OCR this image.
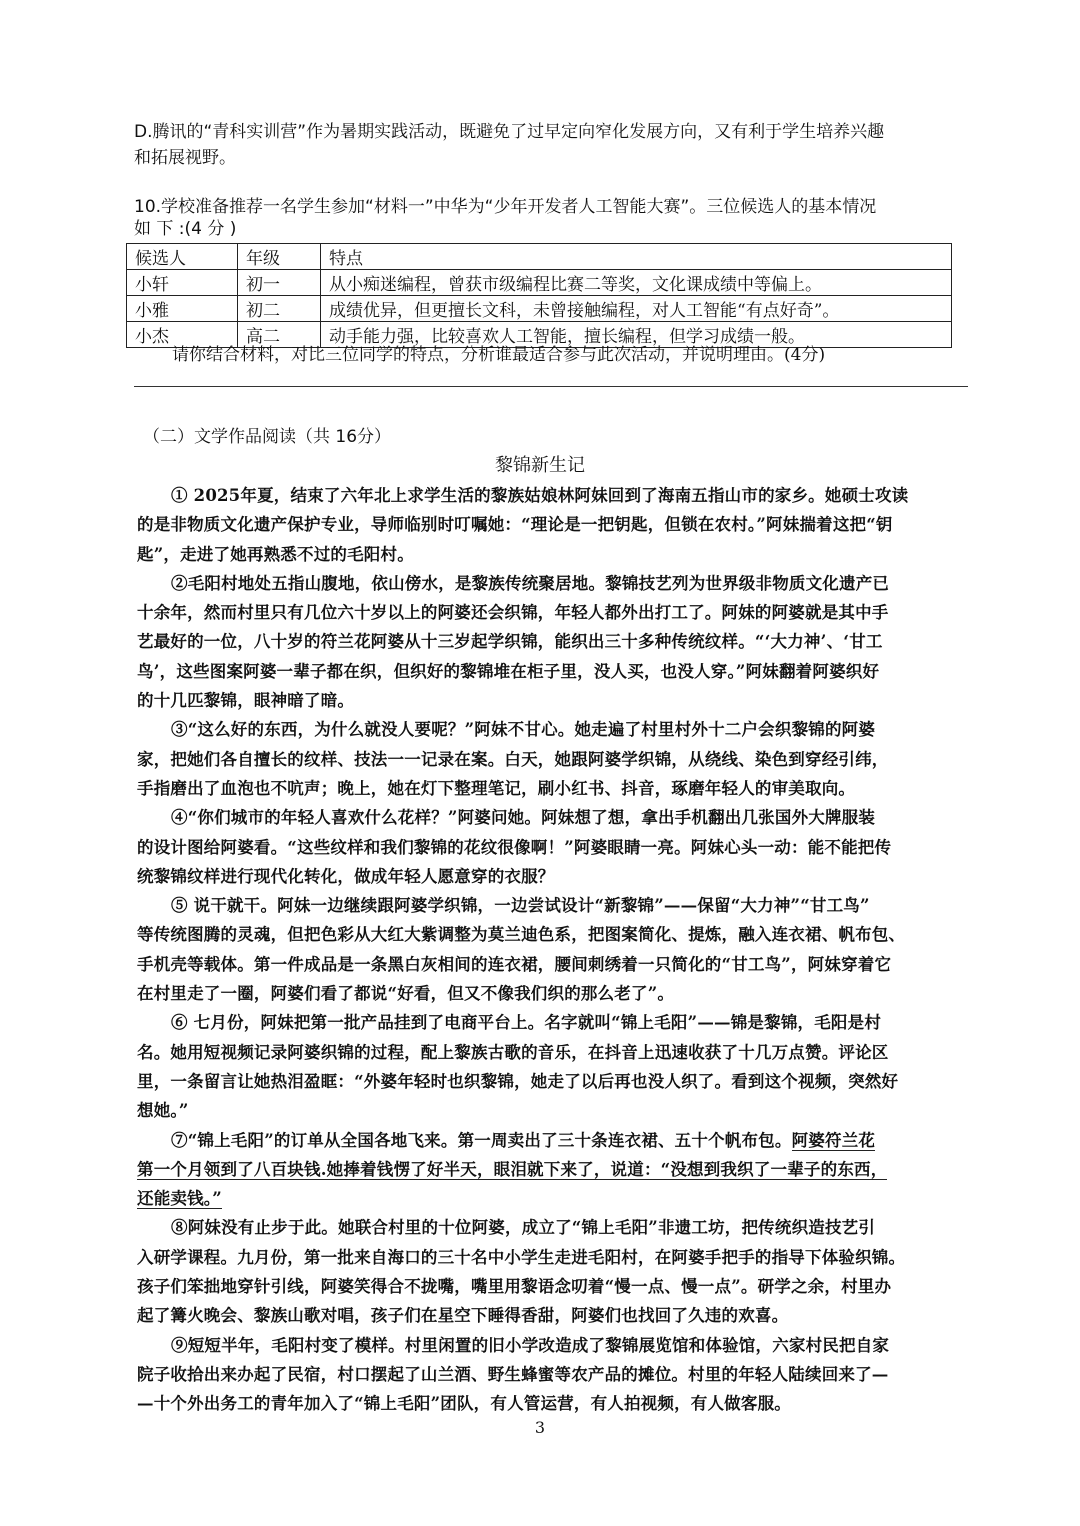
D.腾讯的“青科实训营”作为暑期实践活动，既避免了过早定向窄化发展方向，又有利于学生培养兴趣
和拓展视野。
10.学校准备推荐一名学生参加“材料一”中华为“少年开发者人工智能大赛”。三位候选人的基本情况
如 下 :(4 分 )
候选人	年级	特点
小轩	初一	从小痴迷编程，曾获市级编程比赛二等奖，文化课成绩中等偏上。
小雅	初二	成绩优异，但更擅长文科，未曾接触编程，对人工智能“有点好奇”。
小杰	高二	动手能力强，比较喜欢人工智能，擅长编程，但学习成绩一般。
请你结合材料，对比三位同学的特点，分析谁最适合参与此次活动，并说明理由。(4分)
（二）文学作品阅读（共 16分）
黎锦新生记
① 2025年夏，结束了六年北上求学生活的黎族姑娘林阿妹回到了海南五指山市的家乡。她硕士攻读
的是非物质文化遗产保护专业，导师临别时叮嘱她：“理论是一把钥匙，但锁在农村。”阿妹揣着这把“钥
匙”，走进了她再熟悉不过的毛阳村。
②毛阳村地处五指山腹地，依山傍水，是黎族传统聚居地。黎锦技艺列为世界级非物质文化遗产已
十余年，然而村里只有几位六十岁以上的阿婆还会织锦，年轻人都外出打工了。阿妹的阿婆就是其中手
艺最好的一位，八十岁的符兰花阿婆从十三岁起学织锦，能织出三十多种传统纹样。“‘大力神’、‘甘工
鸟’，这些图案阿婆一辈子都在织，但织好的黎锦堆在柜子里，没人买，也没人穿。”阿妹翻着阿婆织好
的十几匹黎锦，眼神暗了暗。
③“这么好的东西，为什么就没人要呢？”阿妹不甘心。她走遍了村里村外十二户会织黎锦的阿婆
家，把她们各自擅长的纹样、技法一一记录在案。白天，她跟阿婆学织锦，从绕线、染色到穿经引纬，
手指磨出了血泡也不吭声；晚上，她在灯下整理笔记，刷小红书、抖音，琢磨年轻人的审美取向。
④“你们城市的年轻人喜欢什么花样？”阿婆问她。阿妹想了想，拿出手机翻出几张国外大牌服装
的设计图给阿婆看。“这些纹样和我们黎锦的花纹很像啊！”阿婆眼睛一亮。阿妹心头一动：能不能把传
统黎锦纹样进行现代化转化，做成年轻人愿意穿的衣服？
⑤ 说干就干。阿妹一边继续跟阿婆学织锦，一边尝试设计“新黎锦”——保留“大力神”“甘工鸟”
等传统图腾的灵魂，但把色彩从大红大紫调整为莫兰迪色系，把图案简化、提炼，融入连衣裙、帆布包、
手机壳等载体。第一件成品是一条黑白灰相间的连衣裙，腰间刺绣着一只简化的“甘工鸟”，阿妹穿着它
在村里走了一圈，阿婆们看了都说“好看，但又不像我们织的那么老了”。
⑥ 七月份，阿妹把第一批产品挂到了电商平台上。名字就叫“锦上毛阳”——锦是黎锦，毛阳是村
名。她用短视频记录阿婆织锦的过程，配上黎族古歌的音乐，在抖音上迅速收获了十几万点赞。评论区
里，一条留言让她热泪盈眶：“外婆年轻时也织黎锦，她走了以后再也没人织了。看到这个视频，突然好
想她。”
⑦“锦上毛阳”的订单从全国各地飞来。第一周卖出了三十条连衣裙、五十个帆布包。阿婆符兰花
第一个月领到了八百块钱.她捧着钱愣了好半天，眼泪就下来了，说道：“没想到我织了一辈子的东西，
还能卖钱。”
⑧阿妹没有止步于此。她联合村里的十位阿婆，成立了“锦上毛阳”非遗工坊，把传统织造技艺引
入研学课程。九月份，第一批来自海口的三十名中小学生走进毛阳村，在阿婆手把手的指导下体验织锦。
孩子们笨拙地穿针引线，阿婆笑得合不拢嘴，嘴里用黎语念叨着“慢一点、慢一点”。研学之余，村里办
起了篝火晚会、黎族山歌对唱，孩子们在星空下睡得香甜，阿婆们也找回了久违的欢喜。
⑨短短半年，毛阳村变了模样。村里闲置的旧小学改造成了黎锦展览馆和体验馆，六家村民把自家
院子收拾出来办起了民宿，村口摆起了山兰酒、野生蜂蜜等农产品的摊位。村里的年轻人陆续回来了—
—十个外出务工的青年加入了“锦上毛阳”团队，有人管运营，有人拍视频，有人做客服。
3
